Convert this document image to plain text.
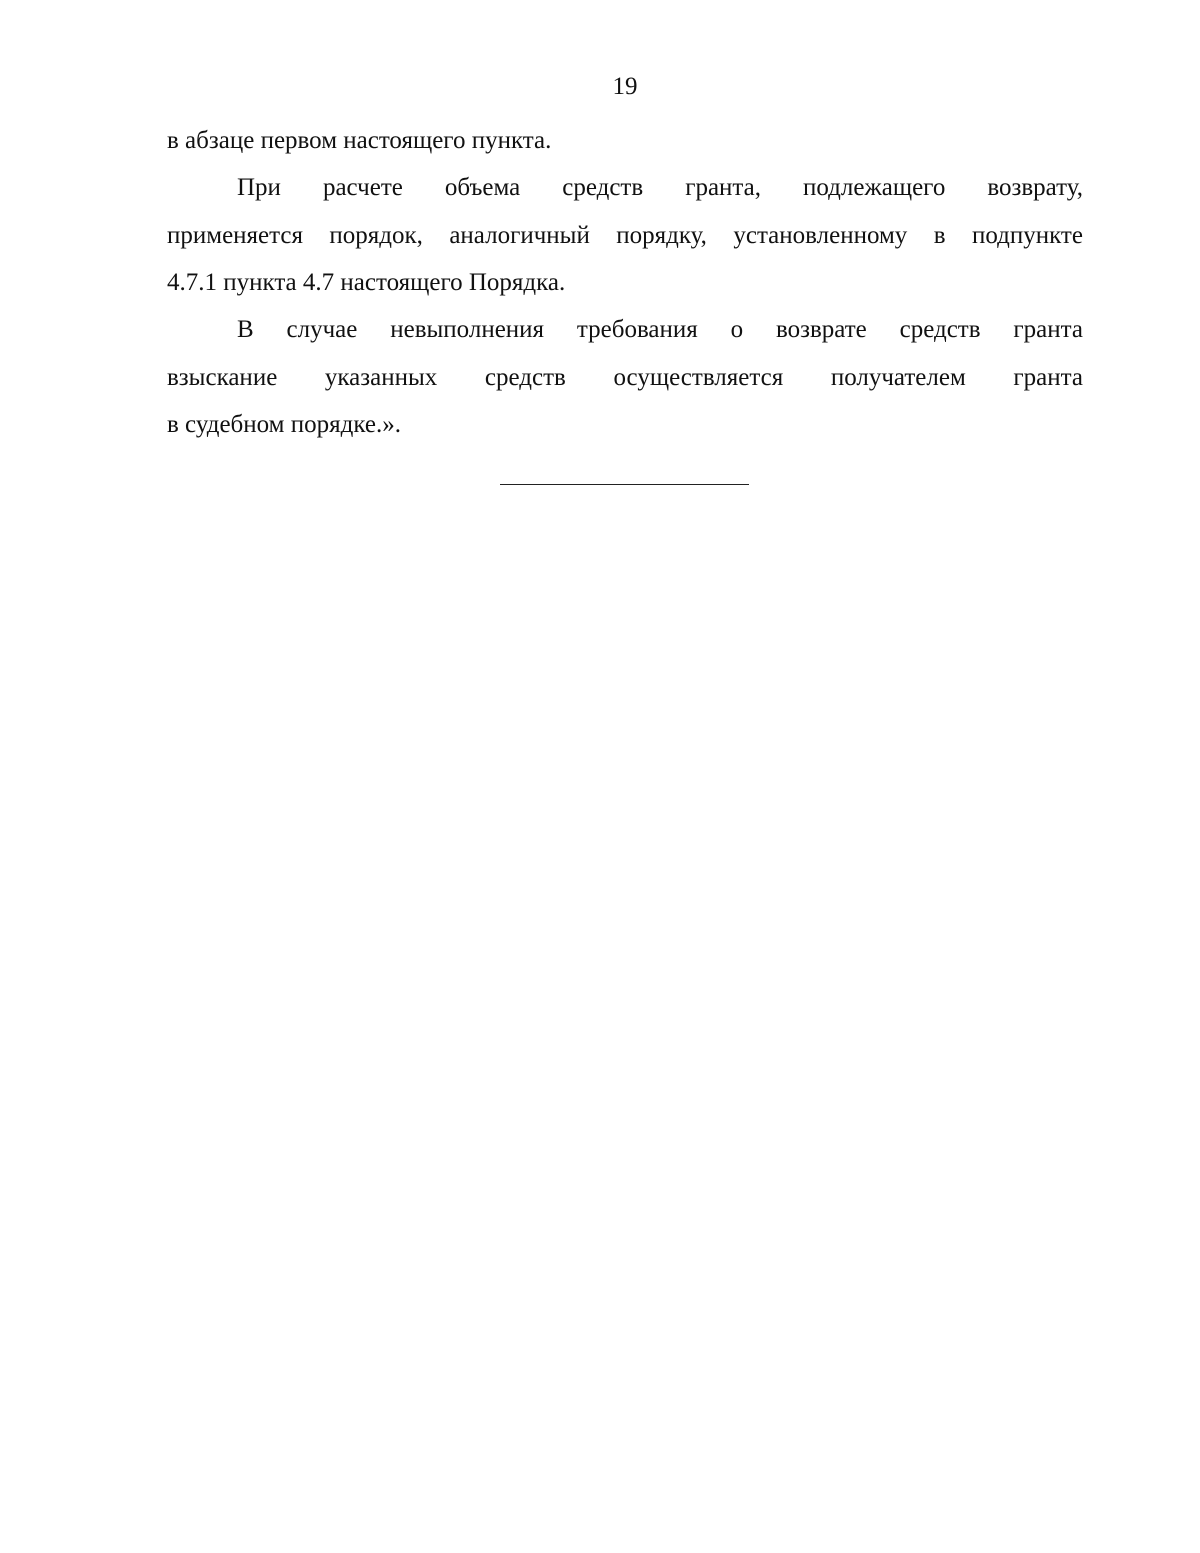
19
в абзаце первом настоящего пункта.
При расчете объема средств гранта, подлежащего возврату,
применяется порядок, аналогичный порядку, установленному в подпункте
4.7.1 пункта 4.7 настоящего Порядка.
В случае невыполнения требования о возврате средств гранта
взыскание указанных средств осуществляется получателем гранта
в судебном порядке.».
